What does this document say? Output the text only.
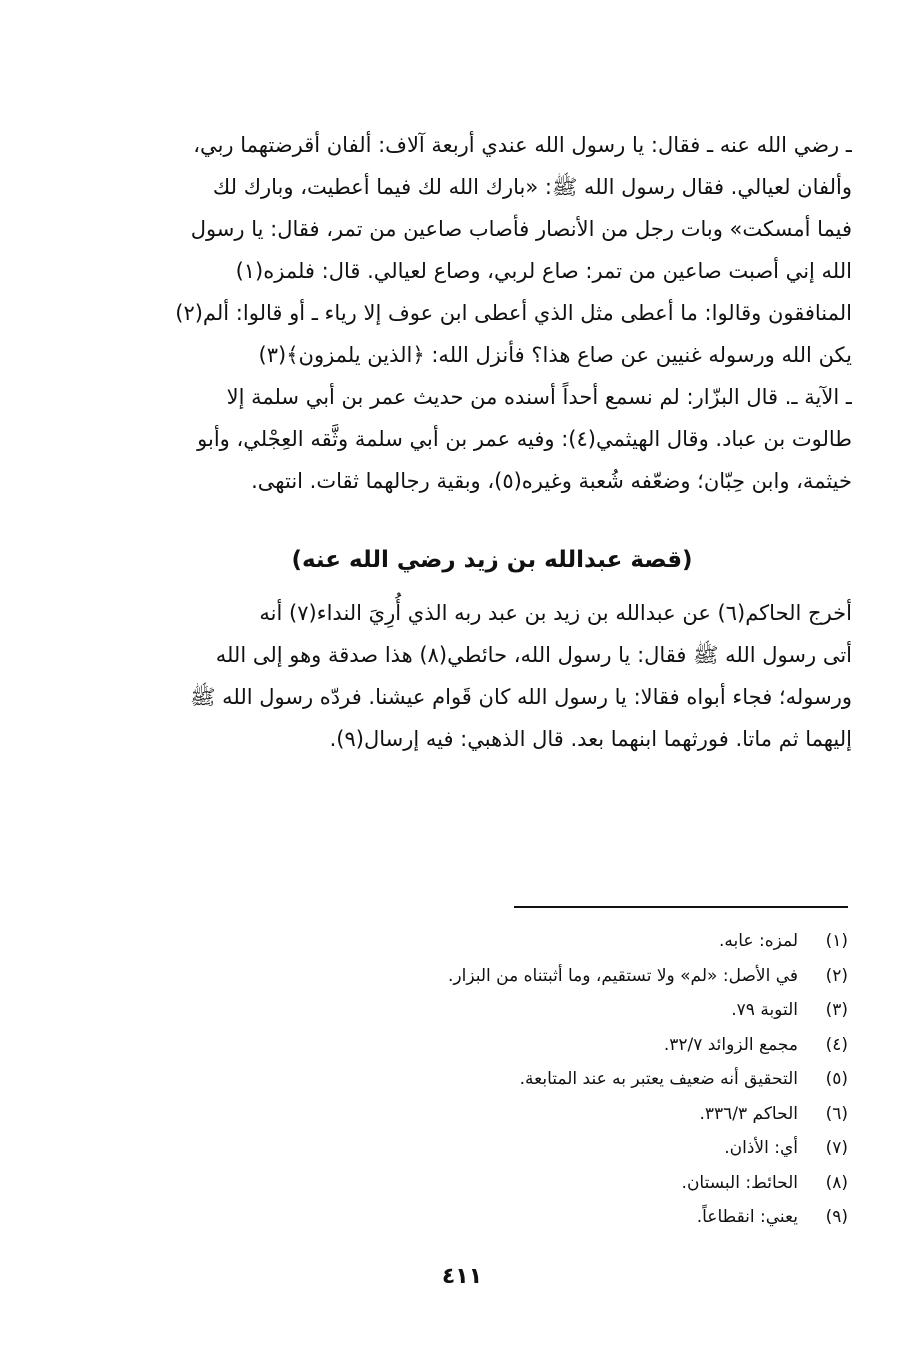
ـ رضي الله عنه ـ فقال: يا رسول الله عندي أربعة آلاف: ألفان أقرضتهما ربي،
وألفان لعيالي. فقال رسول الله ﷺ: «بارك الله لك فيما أعطيت، وبارك لك
فيما أمسكت» وبات رجل من الأنصار فأصاب صاعين من تمر، فقال: يا رسول
الله إني أصبت صاعين من تمر: صاع لربي، وصاع لعيالي. قال: فلمزه(١)
المنافقون وقالوا: ما أعطى مثل الذي أعطى ابن عوف إلا رياء ـ أو قالوا: ألم(٢)
يكن الله ورسوله غنيين عن صاع هذا؟ فأنزل الله: ﴿الذين يلمزون﴾(٣)
ـ الآية ـ. قال البزّار: لم نسمع أحداً أسنده من حديث عمر بن أبي سلمة إلا
طالوت بن عباد. وقال الهيثمي(٤): وفيه عمر بن أبي سلمة وثَّقه العِجْلي، وأبو
خيثمة، وابن حِبّان؛ وضعّفه شُعبة وغيره(٥)، وبقية رجالهما ثقات. انتهى.
(قصة عبدالله بن زيد رضي الله عنه)
أخرج الحاكم(٦) عن عبدالله بن زيد بن عبد ربه الذي أُرِيَ النداء(٧) أنه
أتى رسول الله ﷺ فقال: يا رسول الله، حائطي(٨) هذا صدقة وهو إلى الله
ورسوله؛ فجاء أبواه فقالا: يا رسول الله كان قَوام عيشنا. فردّه رسول الله ﷺ
إليهما ثم ماتا. فورثهما ابنهما بعد. قال الذهبي: فيه إرسال(٩).
(١)
لمزه: عابه.
(٢)
في الأصل: «لم» ولا تستقيم، وما أثبتناه من البزار.
(٣)
التوبة ٧٩.
(٤)
مجمع الزوائد ٣٢/٧.
(٥)
التحقيق أنه ضعيف يعتبر به عند المتابعة.
(٦)
الحاكم ٣٣٦/٣.
(٧)
أي: الأذان.
(٨)
الحائط: البستان.
(٩)
يعني: انقطاعاً.
٤١١
